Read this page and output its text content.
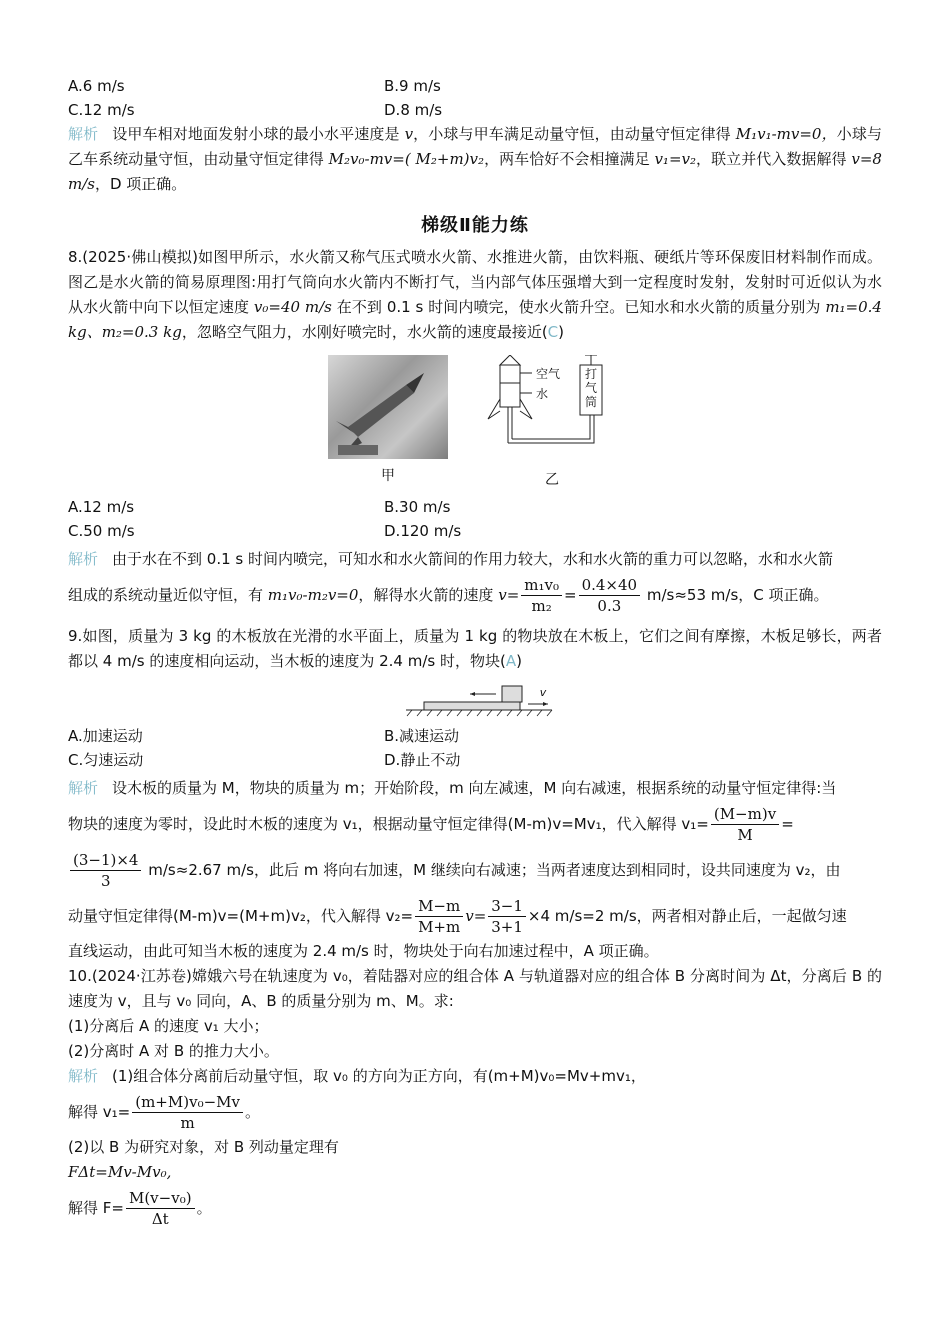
A.6 m/s	B.9 m/s
C.12 m/s	D.8 m/s

解析 设甲车相对地面发射小球的最小水平速度是 v，小球与甲车满足动量守恒，由动量守恒定律得 M₁v₁-mv=0，小球与乙车系统动量守恒，由动量守恒定律得 M₂v₀-mv=( M₂+m)v₂，两车恰好不会相撞满足 v₁=v₂，联立并代入数据解得 v=8 m/s，D 项正确。

梯级Ⅱ能力练

8.(2025·佛山模拟)如图甲所示，水火箭又称气压式喷水火箭、水推进火箭，由饮料瓶、硬纸片等环保废旧材料制作而成。图乙是水火箭的简易原理图:用打气筒向水火箭内不断打气，当内部气体压强增大到一定程度时发射，发射时可近似认为水从水火箭中向下以恒定速度 v₀=40 m/s 在不到 0.1 s 时间内喷完，使水火箭升空。已知水和水火箭的质量分别为 m₁=0.4 kg、m₂=0.3 kg，忽略空气阻力，水刚好喷完时，水火箭的速度最接近(C)

甲
空气
水
打气筒
乙
A.12 m/s	B.30 m/s
C.50 m/s	D.120 m/s

解析 由于水在不到 0.1 s 时间内喷完，可知水和水火箭间的作用力较大，水和水火箭的重力可以忽略，水和水火箭

组成的系统动量近似守恒，有 m₁v₀-m₂v=0，解得水火箭的速度 $v= \frac{\text{m₁v₀}}{\text{m₂}} = \frac{0.4\times 40}{0.3} m/s\approx 53$ m/s，C 项正确。

9.如图，质量为 3 kg 的木板放在光滑的水平面上，质量为 1 kg 的物块放在木板上，它们之间有摩擦，木板足够长，两者都以 4 m/s 的速度相向运动，当木板的速度为 2.4 m/s 时，物块(A)

v
A.加速运动	B.减速运动
C.匀速运动	D.静止不动

解析 设木板的质量为 M，物块的质量为 m；开始阶段，m 向左减速，M 向右减速，根据系统的动量守恒定律得:当

物块的速度为零时，设此时木板的速度为 v₁，根据动量守恒定律得(M-m)v=Mv₁，代入解得 $v_1= \frac{(M-m)v}{M}$ =

$\frac{(3-1)\times 4}{3} m/s\approx 2.67$ m/s，此后 m 将向右加速，M 继续向右减速；当两者速度达到相同时，设共同速度为 v₂，由

动量守恒定律得(M-m)v=(M+m)v₂，代入解得 $v_2= \frac{M-m}{M+m} v= \frac{3-1}{3+1} \times 4$ m/s=2 m/s，两者相对静止后，一起做匀速

直线运动，由此可知当木板的速度为 2.4 m/s 时，物块处于向右加速过程中，A 项正确。

10.(2024·江苏卷)嫦娥六号在轨速度为 v₀，着陆器对应的组合体 A 与轨道器对应的组合体 B 分离时间为 Δt，分离后 B 的速度为 v，且与 v₀ 同向，A、B 的质量分别为 m、M。求:

(1)分离后 A 的速度 v₁ 大小；

(2)分离时 A 对 B 的推力大小。

解析 (1)组合体分离前后动量守恒，取 v₀ 的方向为正方向，有(m+M)v₀=Mv+mv₁，

解得 $v_1= \frac{\text{(m+M)v₀−Mv}}{m}$ 。

(2)以 B 为研究对象，对 B 列动量定理有

FΔt=Mv-Mv₀,

解得 $F= \frac{\text{M(v−v₀)}}{\Delta t}$ 。
